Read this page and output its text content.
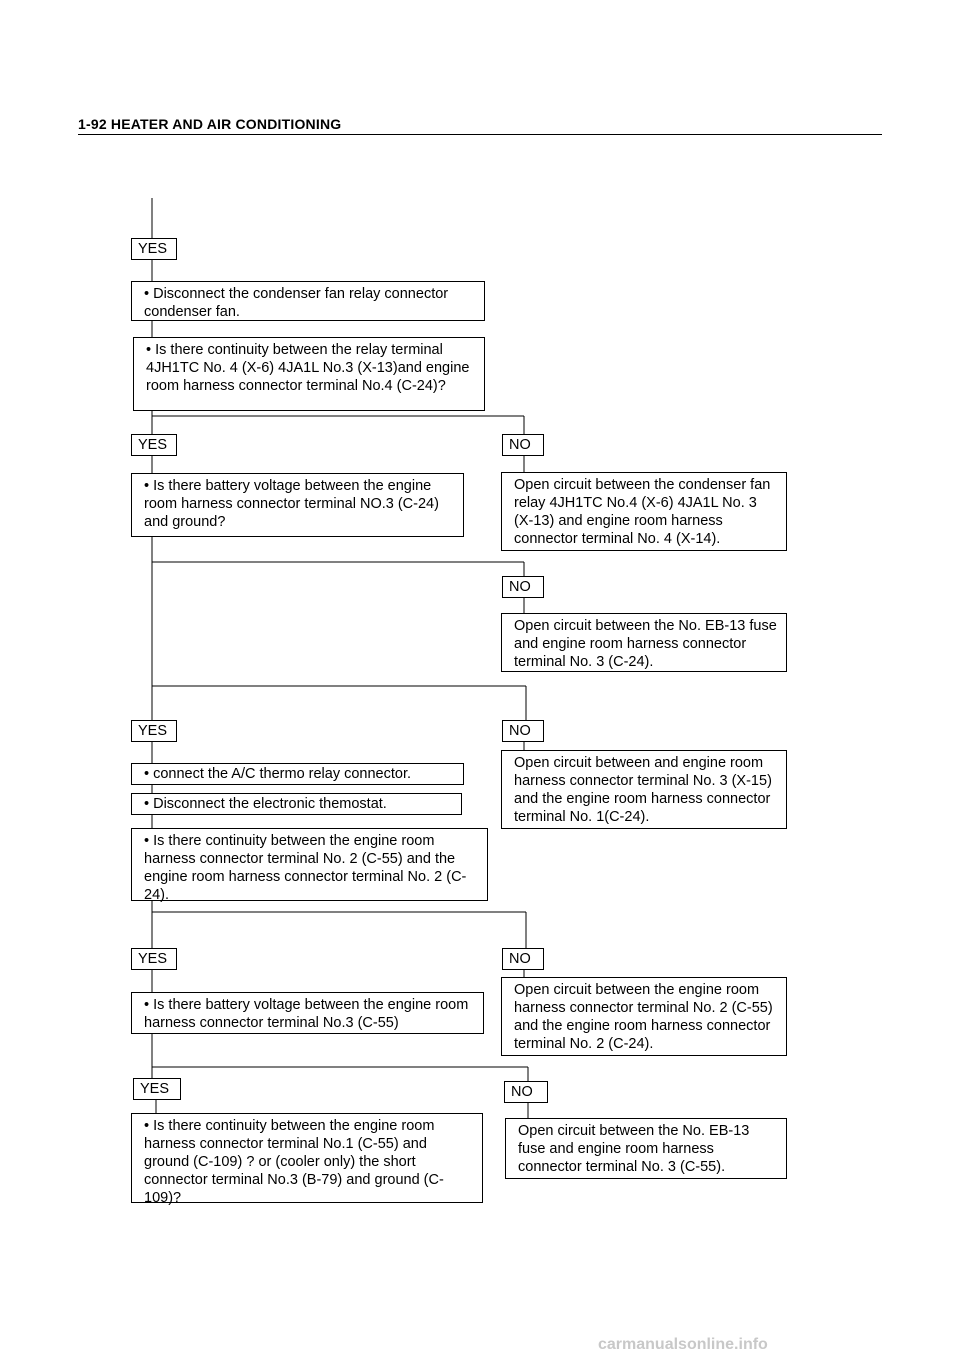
1-92 HEATER AND AIR CONDITIONING
YES
YES	NO
NO
YES	NO
YES	NO
YES	NO
• Disconnect the condenser fan relay connector condenser fan.
• Is there continuity between the relay terminal 4JH1TC No. 4 (X-6) 4JA1L No.3 (X-13)and engine room harness connector terminal No.4 (C-24)?
• Is there battery voltage between the engine room harness connector terminal NO.3 (C-24) and ground?
• connect the A/C thermo relay connector.
• Disconnect the electronic themostat.
• Is there continuity between the engine room harness connector terminal No. 2 (C-55) and the engine room harness connector terminal No. 2 (C-24).
• Is there battery voltage between the engine room harness connector terminal No.3 (C-55)
• Is there continuity between the engine room harness connector terminal No.1 (C-55) and ground (C-109) ? or (cooler only) the short connector terminal No.3 (B-79) and ground (C-109)?
Open circuit between the condenser fan relay 4JH1TC No.4 (X-6) 4JA1L No. 3 (X-13) and engine room harness connector terminal No. 4 (X-14).
Open circuit between the No. EB-13 fuse and engine room harness connector terminal No. 3 (C-24).
Open circuit between and engine room harness connector terminal No. 3 (X-15) and the engine room harness connector terminal No. 1(C-24).
Open circuit between the engine room harness connector terminal No. 2 (C-55) and the engine room harness connector terminal No. 2 (C-24).
Open circuit between the No. EB-13 fuse and engine room harness connector terminal No. 3 (C-55).
carmanualsonline.info
